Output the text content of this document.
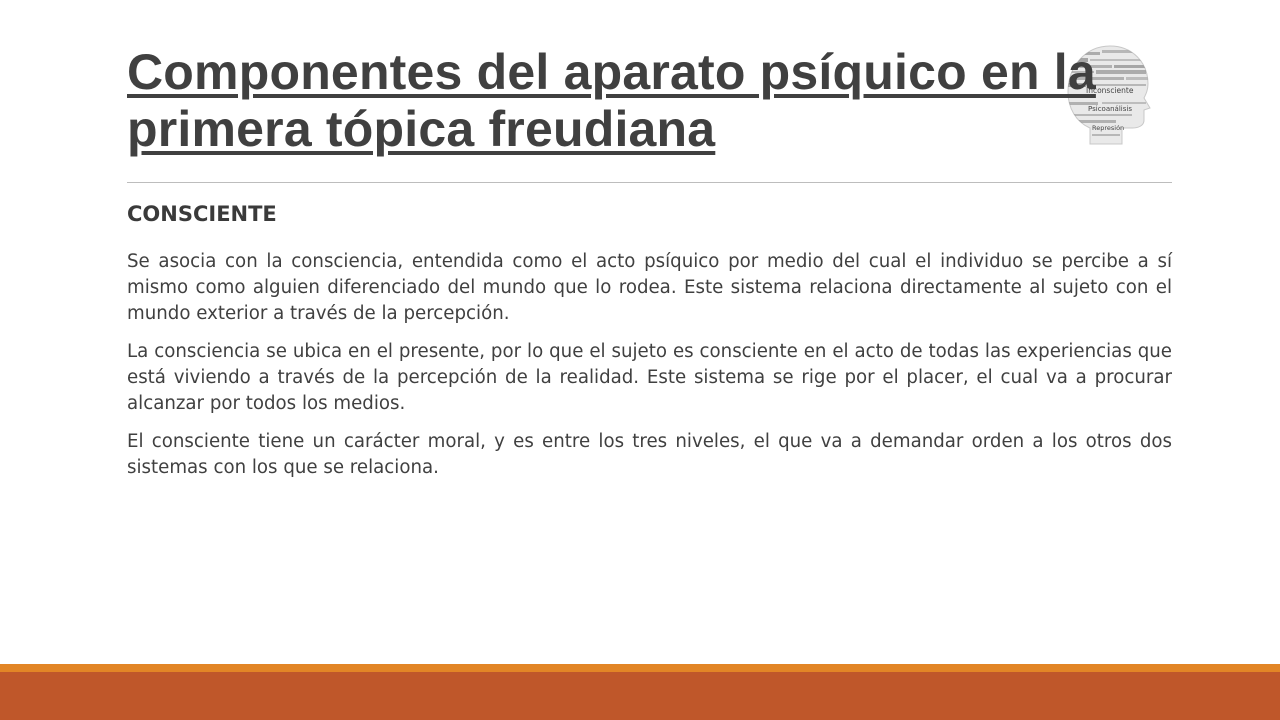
Inconsciente
Psicoanálisis
Represión
Componentes del aparato psíquico en la primera tópica freudiana
CONSCIENTE

Se asocia con la consciencia, entendida como el acto psíquico por medio del cual el individuo se percibe a sí mismo como alguien diferenciado del mundo que lo rodea. Este sistema relaciona directamente al sujeto con el mundo exterior a través de la percepción.

La consciencia se ubica en el presente, por lo que el sujeto es consciente en el acto de todas las experiencias que está viviendo a través de la percepción de la realidad. Este sistema se rige por el placer, el cual va a procurar alcanzar por todos los medios.

El consciente tiene un carácter moral, y es entre los tres niveles, el que va a demandar orden a los otros dos sistemas con los que se relaciona.
